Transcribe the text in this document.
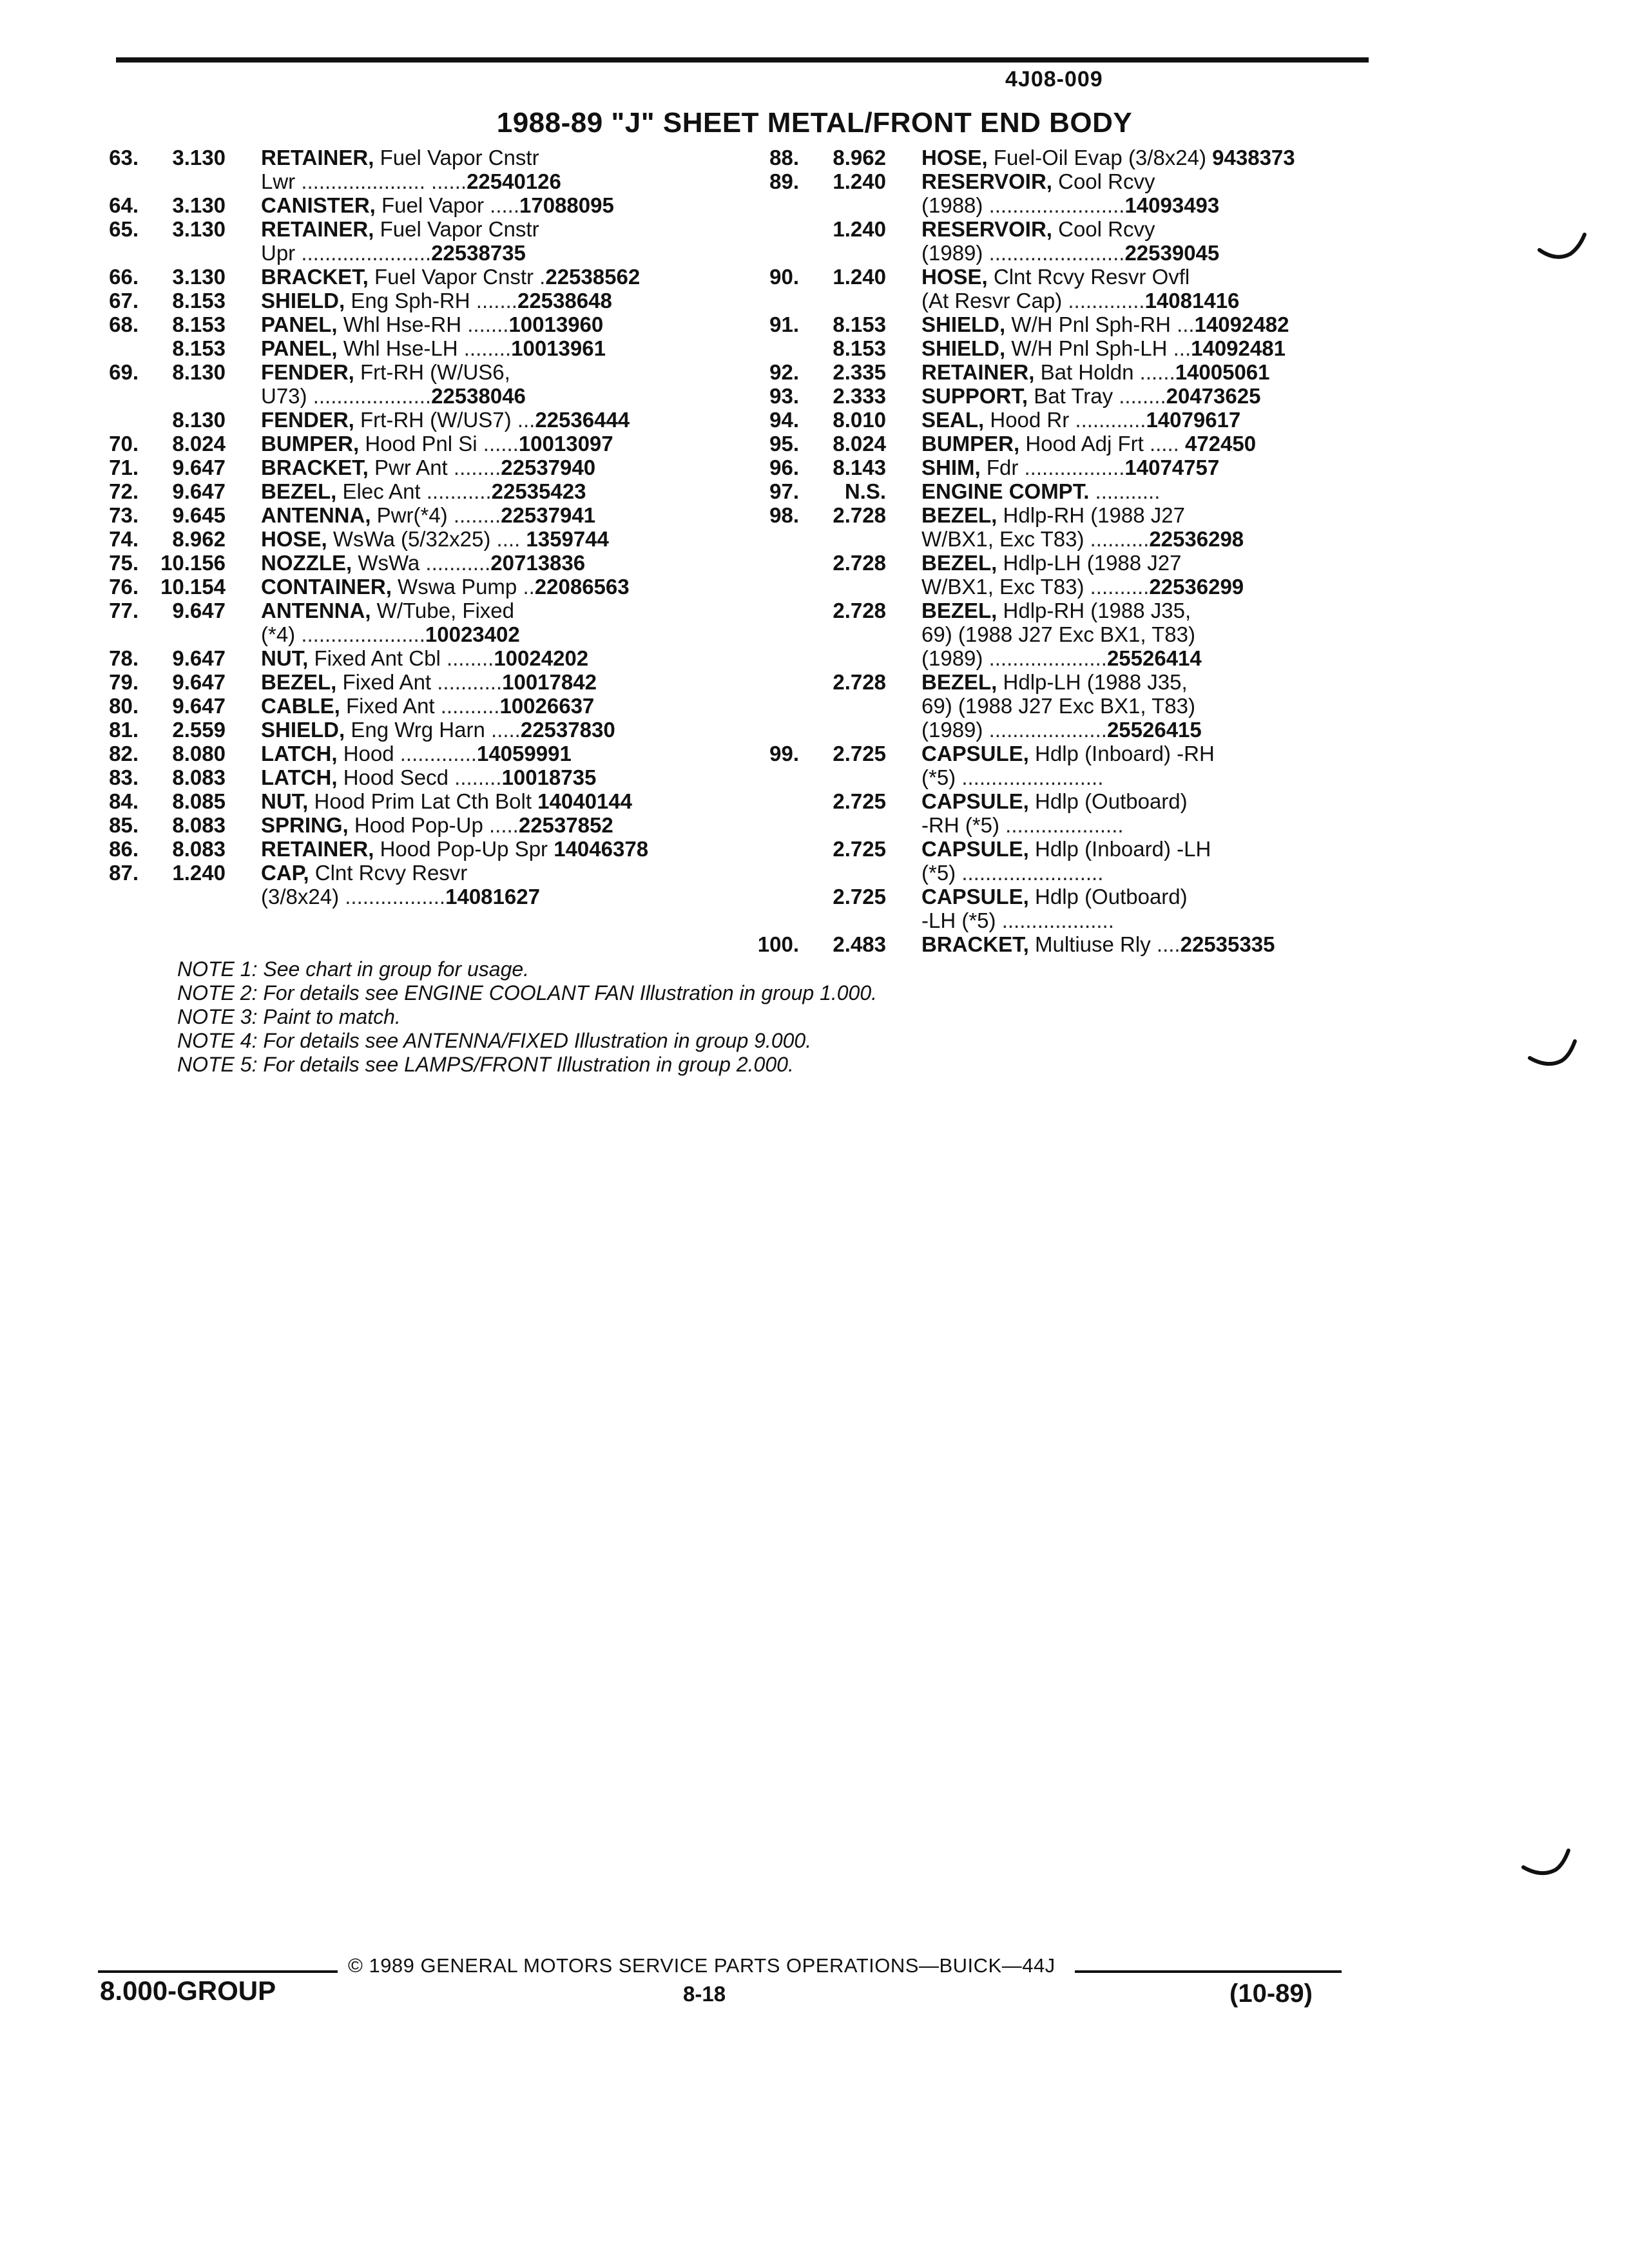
4J08-009
1988-89 "J" SHEET METAL/FRONT END BODY
63.	3.130 RETAINER, Fuel Vapor Cnstr
Lwr ..................... ......22540126
64.	3.130 CANISTER, Fuel Vapor .....17088095
65.	3.130 RETAINER, Fuel Vapor Cnstr
Upr ......................22538735
66.	3.130 BRACKET, Fuel Vapor Cnstr .22538562
67.	8.153 SHIELD, Eng Sph-RH .......22538648
68.	8.153 PANEL, Whl Hse-RH .......10013960
8.153 PANEL, Whl Hse-LH ........10013961
69.	8.130 FENDER, Frt-RH (W/US6,
U73) ....................22538046
8.130 FENDER, Frt-RH (W/US7) ...22536444
70.	8.024 BUMPER, Hood Pnl Si ......10013097
71.	9.647 BRACKET, Pwr Ant ........22537940
72.	9.647 BEZEL, Elec Ant ...........22535423
73.	9.645 ANTENNA, Pwr(*4) ........22537941
74.	8.962 HOSE, WsWa (5/32x25) .... 1359744
75.	10.156 NOZZLE, WsWa ...........20713836
76.	10.154 CONTAINER, Wswa Pump ..22086563
77.	9.647 ANTENNA, W/Tube, Fixed
(*4) .....................10023402
78.	9.647 NUT, Fixed Ant Cbl ........10024202
79.	9.647 BEZEL, Fixed Ant ...........10017842
80.	9.647 CABLE, Fixed Ant ..........10026637
81.	2.559 SHIELD, Eng Wrg Harn .....22537830
82.	8.080 LATCH, Hood .............14059991
83.	8.083 LATCH, Hood Secd ........10018735
84.	8.085 NUT, Hood Prim Lat Cth Bolt 14040144
85.	8.083 SPRING, Hood Pop-Up .....22537852
86.	8.083 RETAINER, Hood Pop-Up Spr 14046378
87.	1.240 CAP, Clnt Rcvy Resvr
(3/8x24) .................14081627
88.	8.962 HOSE, Fuel-Oil Evap (3/8x24) 9438373
89.	1.240 RESERVOIR, Cool Rcvy
(1988) .......................14093493
1.240 RESERVOIR, Cool Rcvy
(1989) .......................22539045
90.	1.240 HOSE, Clnt Rcvy Resvr Ovfl
(At Resvr Cap) .............14081416
91.	8.153 SHIELD, W/H Pnl Sph-RH ...14092482
8.153 SHIELD, W/H Pnl Sph-LH ...14092481
92.	2.335 RETAINER, Bat Holdn ......14005061
93.	2.333 SUPPORT, Bat Tray ........20473625
94.	8.010 SEAL, Hood Rr ............14079617
95.	8.024 BUMPER, Hood Adj Frt ..... 472450
96.	8.143 SHIM, Fdr .................14074757
97.	N.S. ENGINE COMPT. ...........
98.	2.728 BEZEL, Hdlp-RH (1988 J27
W/BX1, Exc T83) ..........22536298
2.728 BEZEL, Hdlp-LH (1988 J27
W/BX1, Exc T83) ..........22536299
2.728 BEZEL, Hdlp-RH (1988 J35,
69) (1988 J27 Exc BX1, T83)
(1989) ....................25526414
2.728 BEZEL, Hdlp-LH (1988 J35,
69) (1988 J27 Exc BX1, T83)
(1989) ....................25526415
99.	2.725 CAPSULE, Hdlp (Inboard) -RH
(*5) ........................
2.725 CAPSULE, Hdlp (Outboard)
-RH (*5) ....................
2.725 CAPSULE, Hdlp (Inboard) -LH
(*5) ........................
2.725 CAPSULE, Hdlp (Outboard)
-LH (*5) ...................
100.	2.483 BRACKET, Multiuse Rly ....22535335
NOTE 1: See chart in group for usage.
NOTE 2: For details see ENGINE COOLANT FAN Illustration in group 1.000.
NOTE 3: Paint to match.
NOTE 4: For details see ANTENNA/FIXED Illustration in group 9.000.
NOTE 5: For details see LAMPS/FRONT Illustration in group 2.000.
© 1989 GENERAL MOTORS SERVICE PARTS OPERATIONS—BUICK—44J
8.000-GROUP	8-18	(10-89)
